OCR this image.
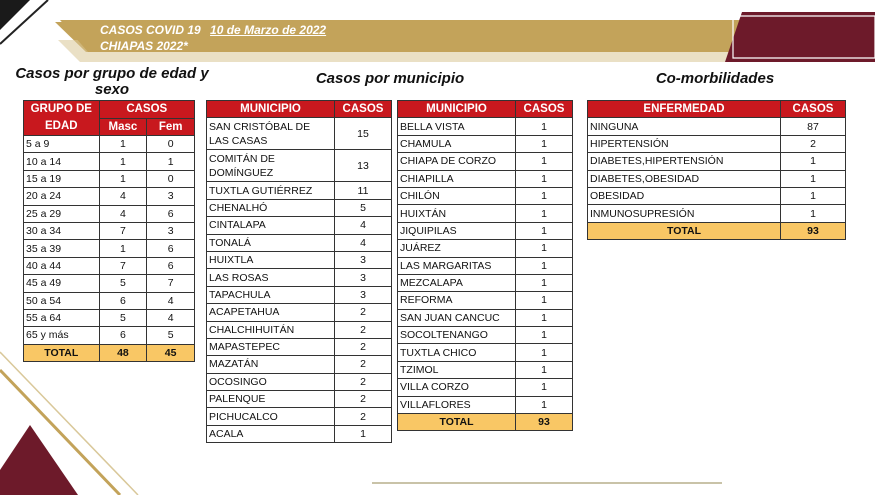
CASOS COVID 19 10 de Marzo de 2022
CHIAPAS 2022*
Casos por grupo de edad y sexo
Casos por municipio	Co-morbilidades
GRUPO DE EDAD	CASOS	
	Masc	Fem
5 a 9	1	0
10 a 14	1	1
15 a 19	1	0
20 a 24	4	3
25 a 29	4	6
30 a 34	7	3
35 a 39	1	6
40 a 44	7	6
45 a 49	5	7
50 a 54	6	4
55 a 64	5	4
65 y más	6	5
TOTAL	48	45
MUNICIPIO	CASOS
SAN CRISTÓBAL DE LAS CASAS	15
COMITÁN DE DOMÍNGUEZ	13
TUXTLA GUTIÉRREZ	11
CHENALHÓ	5
CINTALAPA	4
TONALÁ	4
HUIXTLA	3
LAS ROSAS	3
TAPACHULA	3
ACAPETAHUA	2
CHALCHIHUITÁN	2
MAPASTEPEC	2
MAZATÁN	2
OCOSINGO	2
PALENQUE	2
PICHUCALCO	2
ACALA	1
MUNICIPIO	CASOS
BELLA VISTA	1
CHAMULA	1
CHIAPA DE CORZO	1
CHIAPILLA	1
CHILÓN	1
HUIXTÁN	1
JIQUIPILAS	1
JUÁREZ	1
LAS MARGARITAS	1
MEZCALAPA	1
REFORMA	1
SAN JUAN CANCUC	1
SOCOLTENANGO	1
TUXTLA CHICO	1
TZIMOL	1
VILLA CORZO	1
VILLAFLORES	1
TOTAL	93
ENFERMEDAD	CASOS
NINGUNA	87
HIPERTENSIÓN	2
DIABETES,HIPERTENSIÓN	1
DIABETES,OBESIDAD	1
OBESIDAD	1
INMUNOSUPRESIÓN	1
TOTAL	93
